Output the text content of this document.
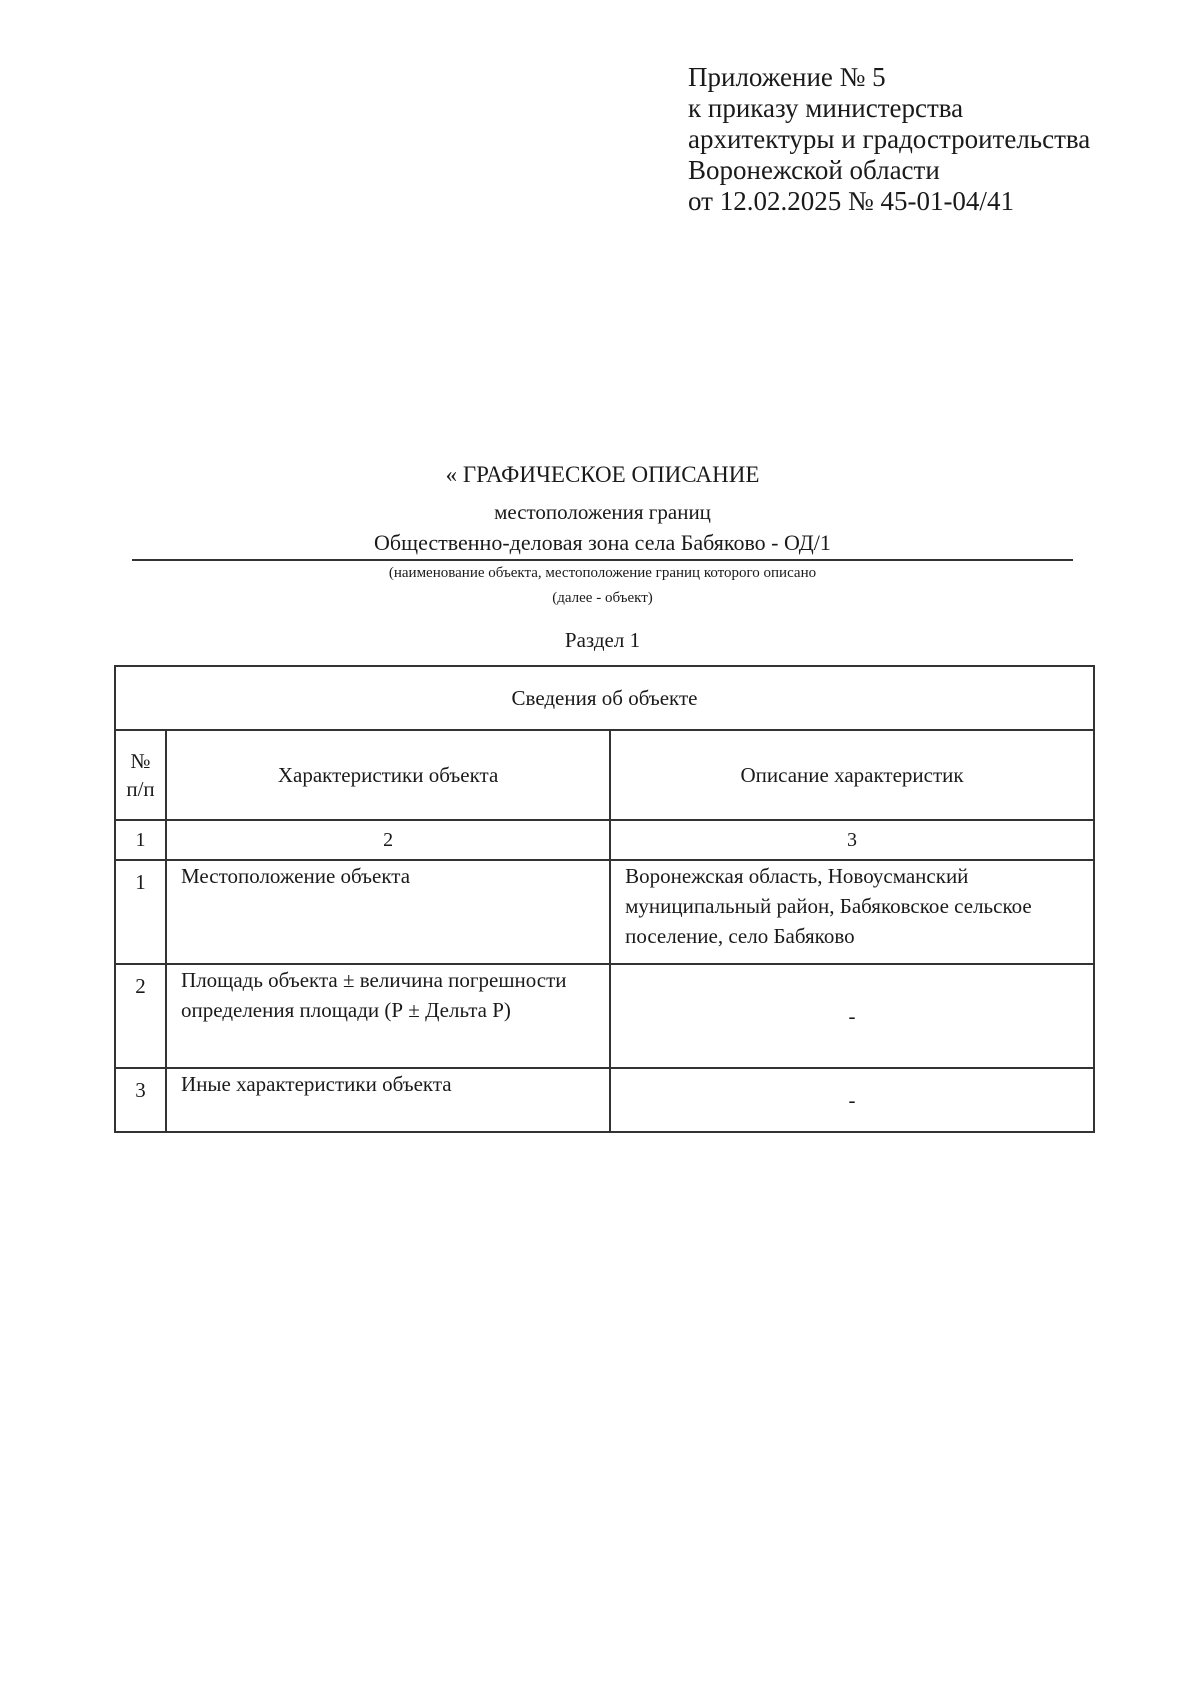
Приложение № 5
к приказу министерства
архитектуры и градостроительства
Воронежской области
от 12.02.2025 № 45-01-04/41
« ГРАФИЧЕСКОЕ ОПИСАНИЕ
местоположения границ
Общественно-деловая зона села Бабяково - ОД/1
(наименование объекта, местоположение границ которого описано
(далее - объект)
Раздел 1
Сведения об объекте		
№ п/п	Характеристики объекта	Описание характеристик
1	2	3
1	Местоположение объекта	Воронежская область, Новоусманский муниципальный район, Бабяковское сельское поселение, село Бабяково
2	Площадь объекта ± величина погрешности определения площади (Р ± Дельта Р)	-
3	Иные характеристики объекта	-
